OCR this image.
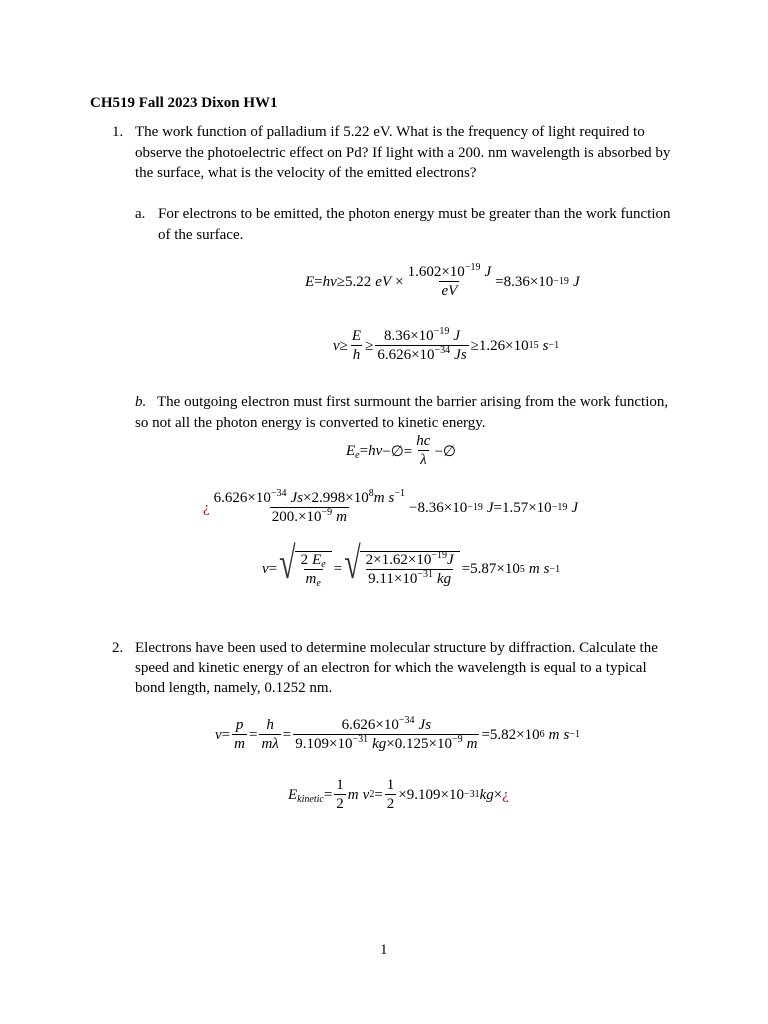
CH519 Fall 2023 Dixon HW1
1. The work function of palladium if 5.22 eV. What is the frequency of light required to
observe the photoelectric effect on Pd? If light with a 200. nm wavelength is absorbed by
the surface, what is the velocity of the emitted electrons?
a. For electrons to be emitted, the photon energy must be greater than the work function
of the surface.
E = hv ≥5.22 eV × $\frac{1.602\times 10^{-19} J}{eV} =8.36\times 10 -19$ J
$v \ge \frac{E}{h} \ge \frac{8.36\times 10^{-19} J}{6.626\times 10^{-34} Js} \ge 1.26\times 10$ 15 s −1
b. The outgoing electron must first surmount the barrier arising from the work function,
so not all the photon energy is converted to kinetic energy.
$E_e$ = hv −∅= $\frac{hc}{\lambda}$ −∅
¿ $\frac{6.626\times 10^{-34} Js\times 2.998\times 10^8m s^{-1}}{200.\times 10^{-9} m} -8.36\times 10 -19$ J =1.57×10 −19 J
v = √ $\frac{2 E_e}{m_e}$ = √ $\frac{2\times 1.62\times 10^{-19}J}{9.11\times 10^{-31} kg} =5.87\times 10$ 5 m s −1
2. Electrons have been used to determine molecular structure by diffraction. Calculate the
speed and kinetic energy of an electron for which the wavelength is equal to a typical
bond length, namely, 0.1252 nm.
$v = \frac{p}{m} = \frac{h}{m\lambda} = \frac{6.626\times 10^{-34} Js}{9.109\times 10^{-31} kg\times 0.125\times 10^{-9} m} =5.82\times 10$ 6 m s −1
$E_{kinetic} = \frac{1}{2}$ m v $2 = \frac{1}{2} \times 9.109\times 10 -31$ kg × ¿
1
